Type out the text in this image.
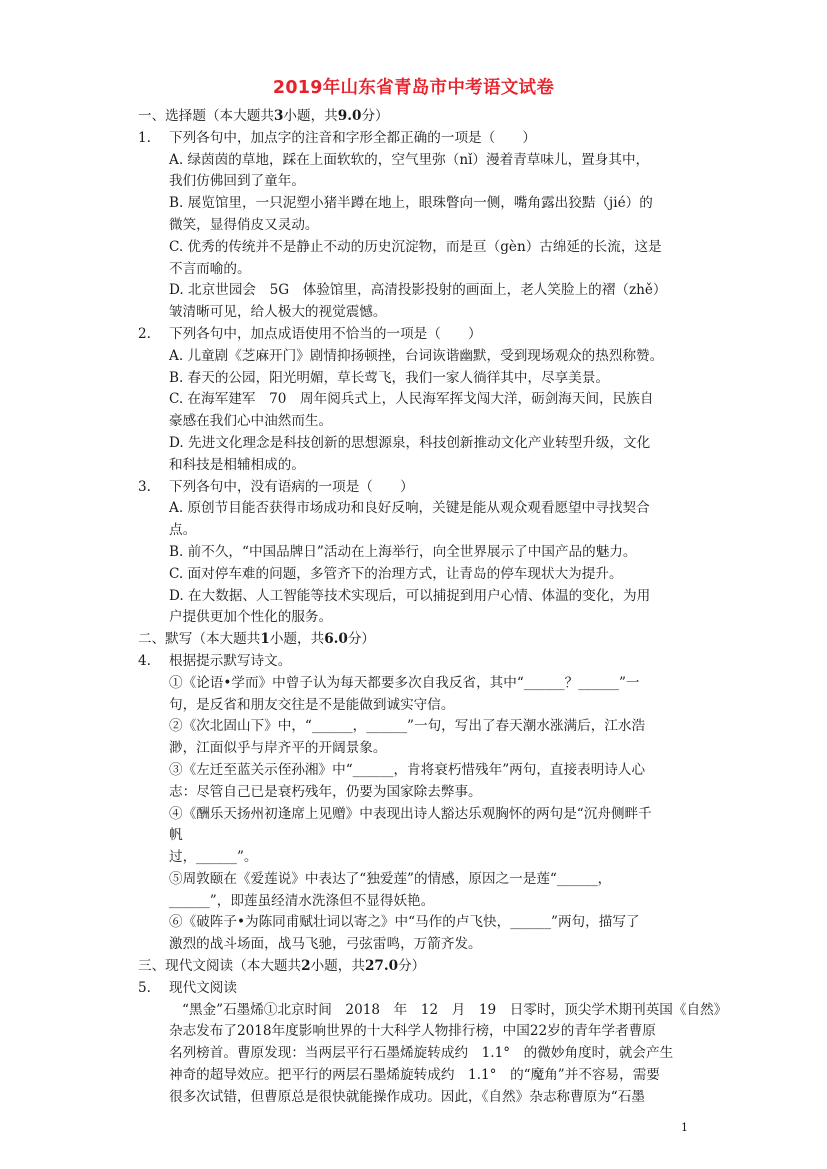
2019年山东省青岛市中考语文试卷
一、选择题（本大题共3小题，共9.0分）
1. 下列各句中，加点字的注音和字形全都正确的一项是（　　）
A. 绿茵茵的草地，踩在上面软软的，空气里弥（nǐ）漫着青草味儿，置身其中，
我们仿佛回到了童年。
B. 展览馆里，一只泥塑小猪半蹲在地上，眼珠瞥向一侧，嘴角露出狡黠（jié）的
微笑，显得俏皮又灵动。
C. 优秀的传统并不是静止不动的历史沉淀物，而是亘（gèn）古绵延的长流，这是
不言而喻的。
D. 北京世园会　5G　体验馆里，高清投影投射的画面上，老人笑脸上的褶（zhě）
皱清晰可见，给人极大的视觉震憾。
2. 下列各句中，加点成语使用不恰当的一项是（　　）
A. 儿童剧《芝麻开门》剧情抑扬顿挫，台词诙谐幽默，受到现场观众的热烈称赞。
B. 春天的公园，阳光明媚，草长莺飞，我们一家人徜徉其中，尽享美景。
C. 在海军建军　70　周年阅兵式上，人民海军挥戈闯大洋，砺剑海天间，民族自
豪感在我们心中油然而生。
D. 先进文化理念是科技创新的思想源泉，科技创新推动文化产业转型升级，文化
和科技是相辅相成的。
3. 下列各句中，没有语病的一项是（　　）
A. 原创节目能否获得市场成功和良好反响，关键是能从观众观看愿望中寻找契合
点。
B. 前不久，“中国品牌日”活动在上海举行，向全世界展示了中国产品的魅力。
C. 面对停车难的问题，多管齐下的治理方式，让青岛的停车现状大为提升。
D. 在大数据、人工智能等技术实现后，可以捕捉到用户心情、体温的变化，为用
户提供更加个性化的服务。
二、默写（本大题共1小题，共6.0分）
4. 根据提示默写诗文。
①《论语•学而》中曾子认为每天都要多次自我反省，其中“______？______”一
句，是反省和朋友交往是不是能做到诚实守信。
②《次北固山下》中，“______，______”一句，写出了春天潮水涨满后，江水浩
渺，江面似乎与岸齐平的开阔景象。
③《左迁至蓝关示侄孙湘》中“______，肯将衰朽惜残年”两句，直接表明诗人心
志：尽管自己已是衰朽残年，仍要为国家除去弊事。
④《酬乐天扬州初逢席上见赠》中表现出诗人豁达乐观胸怀的两句是“沉舟侧畔千
帆
过，______”。
⑤周敦颐在《爱莲说》中表达了“独爱莲”的情感，原因之一是莲“______，
______”，即莲虽经清水洗涤但不显得妖艳。
⑥《破阵子•为陈同甫赋壮词以寄之》中“马作的卢飞快，______”两句，描写了
激烈的战斗场面，战马飞驰，弓弦雷鸣，万箭齐发。
三、现代文阅读（本大题共2小题，共27.0分）
5. 现代文阅读
“黑金”石墨烯①北京时间　2018　年　12　月　19　日零时，顶尖学术期刊英国《自然》
杂志发布了2018年度影响世界的十大科学人物排行榜，中国22岁的青年学者曹原
名列榜首。曹原发现：当两层平行石墨烯旋转成约　1.1°　的微妙角度时，就会产生
神奇的超导效应。把平行的两层石墨烯旋转成约　1.1°　的“魔角”并不容易，需要
很多次试错，但曹原总是很快就能操作成功。因此，《自然》杂志称曹原为“石墨
1
